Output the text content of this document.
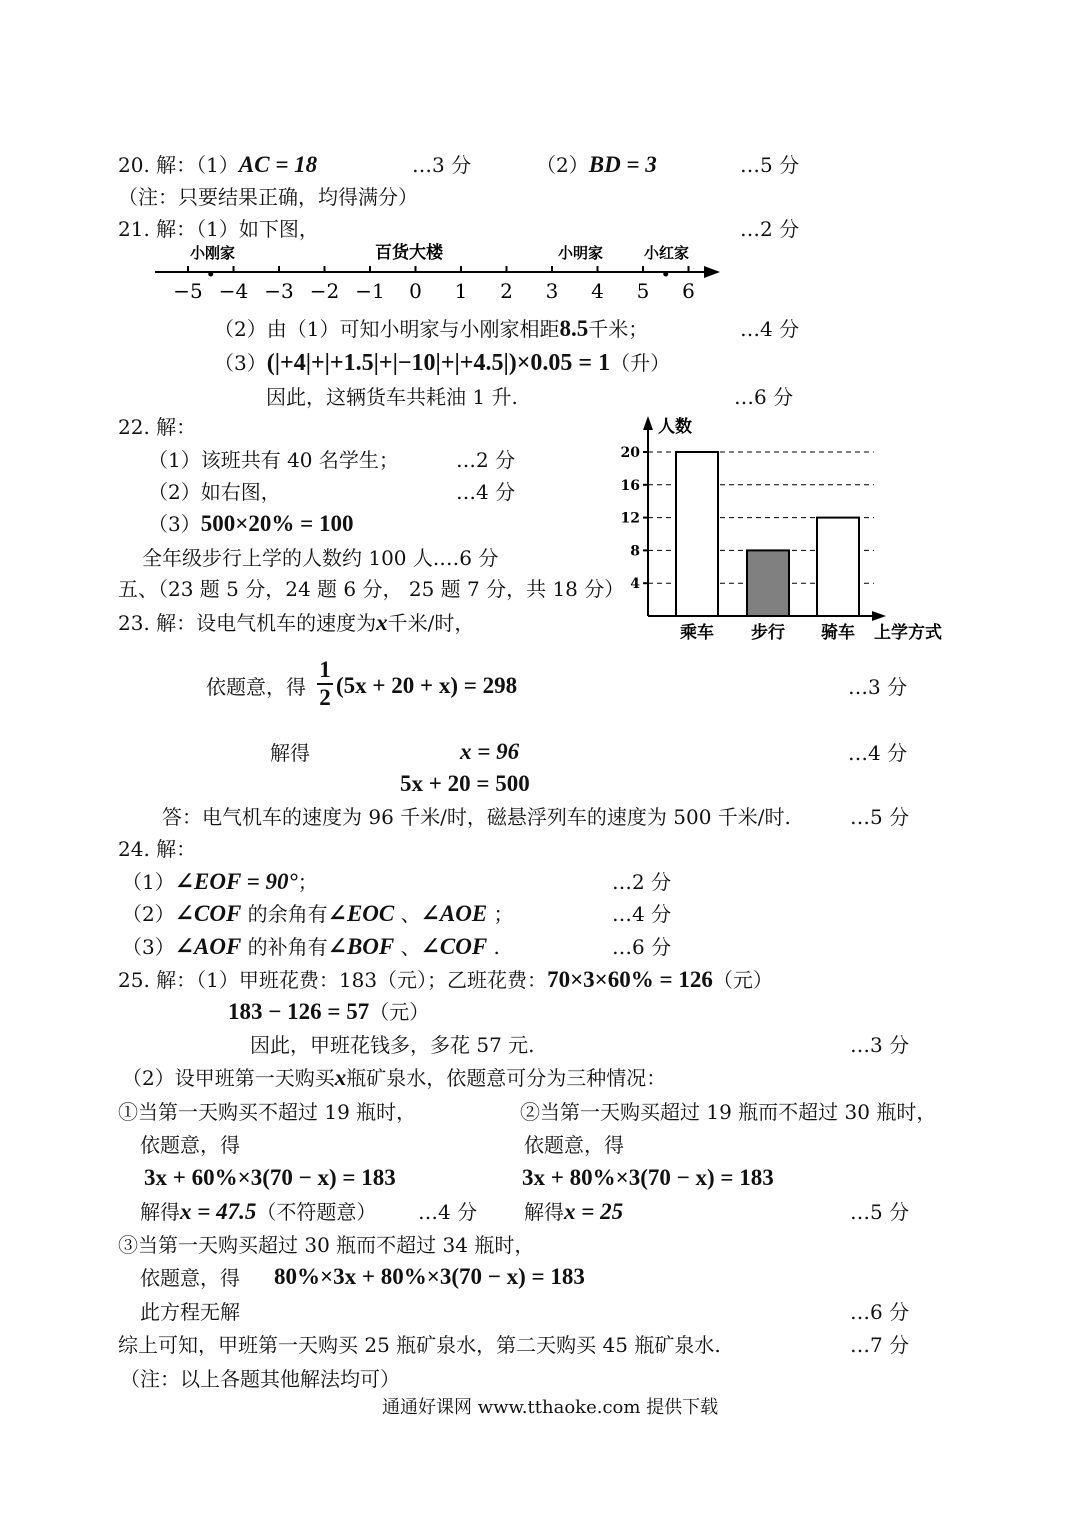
20. 解：（1）AC = 18	…3 分	（2）BD = 3	…5 分
（注：只要结果正确，均得满分）
21. 解：（1）如下图，	…2 分
−5 −4 −3 −2 −1 0 1 2 3 4 5 6
小刚家	百货大楼	小明家	小红家
（2）由（1）可知小明家与小刚家相距8.5千米；	…4 分
（3）(|+4|+|+1.5|+|−10|+|+4.5|)×0.05 = 1（升）
因此，这辆货车共耗油 1 升.	…6 分
22. 解：
（1）该班共有 40 名学生；	…2 分
（2）如右图，	…4 分
（3）500×20% = 100
全年级步行上学的人数约 100 人.…6 分
4
8
12
16
20
乘车 步行 骑车
人数
上学方式
五、（23 题 5 分，24 题 6 分， 25 题 7 分，共 18 分）
23. 解：设电气机车的速度为x千米/时，
依题意，得
1
2 (5x + 20 + x) = 298	…3 分
解得	x = 96	…4 分
5x + 20 = 500
答：电气机车的速度为 96 千米/时，磁悬浮列车的速度为 500 千米/时.	…5 分
24. 解：
（1）∠EOF = 90°；	…2 分
（2）∠COF 的余角有∠EOC 、∠AOE ；	…4 分
（3）∠AOF 的补角有∠BOF 、∠COF .	…6 分
25. 解：（1）甲班花费：183（元）；乙班花费：70×3×60% = 126（元）
183 − 126 = 57（元）
因此，甲班花钱多，多花 57 元.	…3 分
（2）设甲班第一天购买x瓶矿泉水，依题意可分为三种情况：
①当第一天购买不超过 19 瓶时，	②当第一天购买超过 19 瓶而不超过 30 瓶时，
依题意，得	依题意，得
3x + 60%×3(70 − x) = 183	3x + 80%×3(70 − x) = 183
解得x = 47.5（不符题意） …4 分 解得x = 25	…5 分
③当第一天购买超过 30 瓶而不超过 34 瓶时，
依题意，得 80%×3x + 80%×3(70 − x) = 183
此方程无解	…6 分
综上可知，甲班第一天购买 25 瓶矿泉水，第二天购买 45 瓶矿泉水.	…7 分
（注：以上各题其他解法均可）
通通好课网 www.tthaoke.com 提供下载
